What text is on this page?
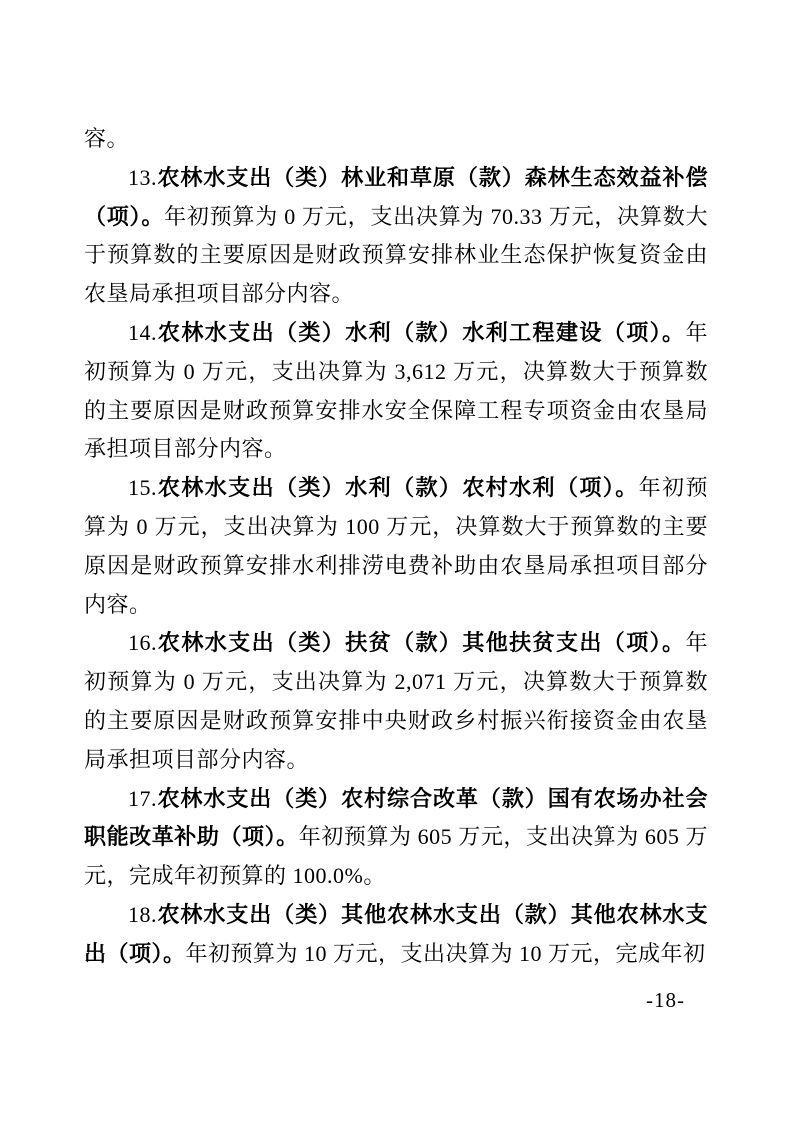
容。

13.农林水支出（类）林业和草原（款）森林生态效益补偿（项）。年初预算为 0 万元，支出决算为 70.33 万元，决算数大于预算数的主要原因是财政预算安排林业生态保护恢复资金由农垦局承担项目部分内容。

14.农林水支出（类）水利（款）水利工程建设（项）。年初预算为 0 万元，支出决算为 3,612 万元，决算数大于预算数的主要原因是财政预算安排水安全保障工程专项资金由农垦局承担项目部分内容。

15.农林水支出（类）水利（款）农村水利（项）。年初预算为 0 万元，支出决算为 100 万元，决算数大于预算数的主要原因是财政预算安排水利排涝电费补助由农垦局承担项目部分内容。

16.农林水支出（类）扶贫（款）其他扶贫支出（项）。年初预算为 0 万元，支出决算为 2,071 万元，决算数大于预算数的主要原因是财政预算安排中央财政乡村振兴衔接资金由农垦局承担项目部分内容。

17.农林水支出（类）农村综合改革（款）国有农场办社会职能改革补助（项）。年初预算为 605 万元，支出决算为 605 万元，完成年初预算的 100.0%。

18.农林水支出（类）其他农林水支出（款）其他农林水支出（项）。年初预算为 10 万元，支出决算为 10 万元，完成年初

-18-
